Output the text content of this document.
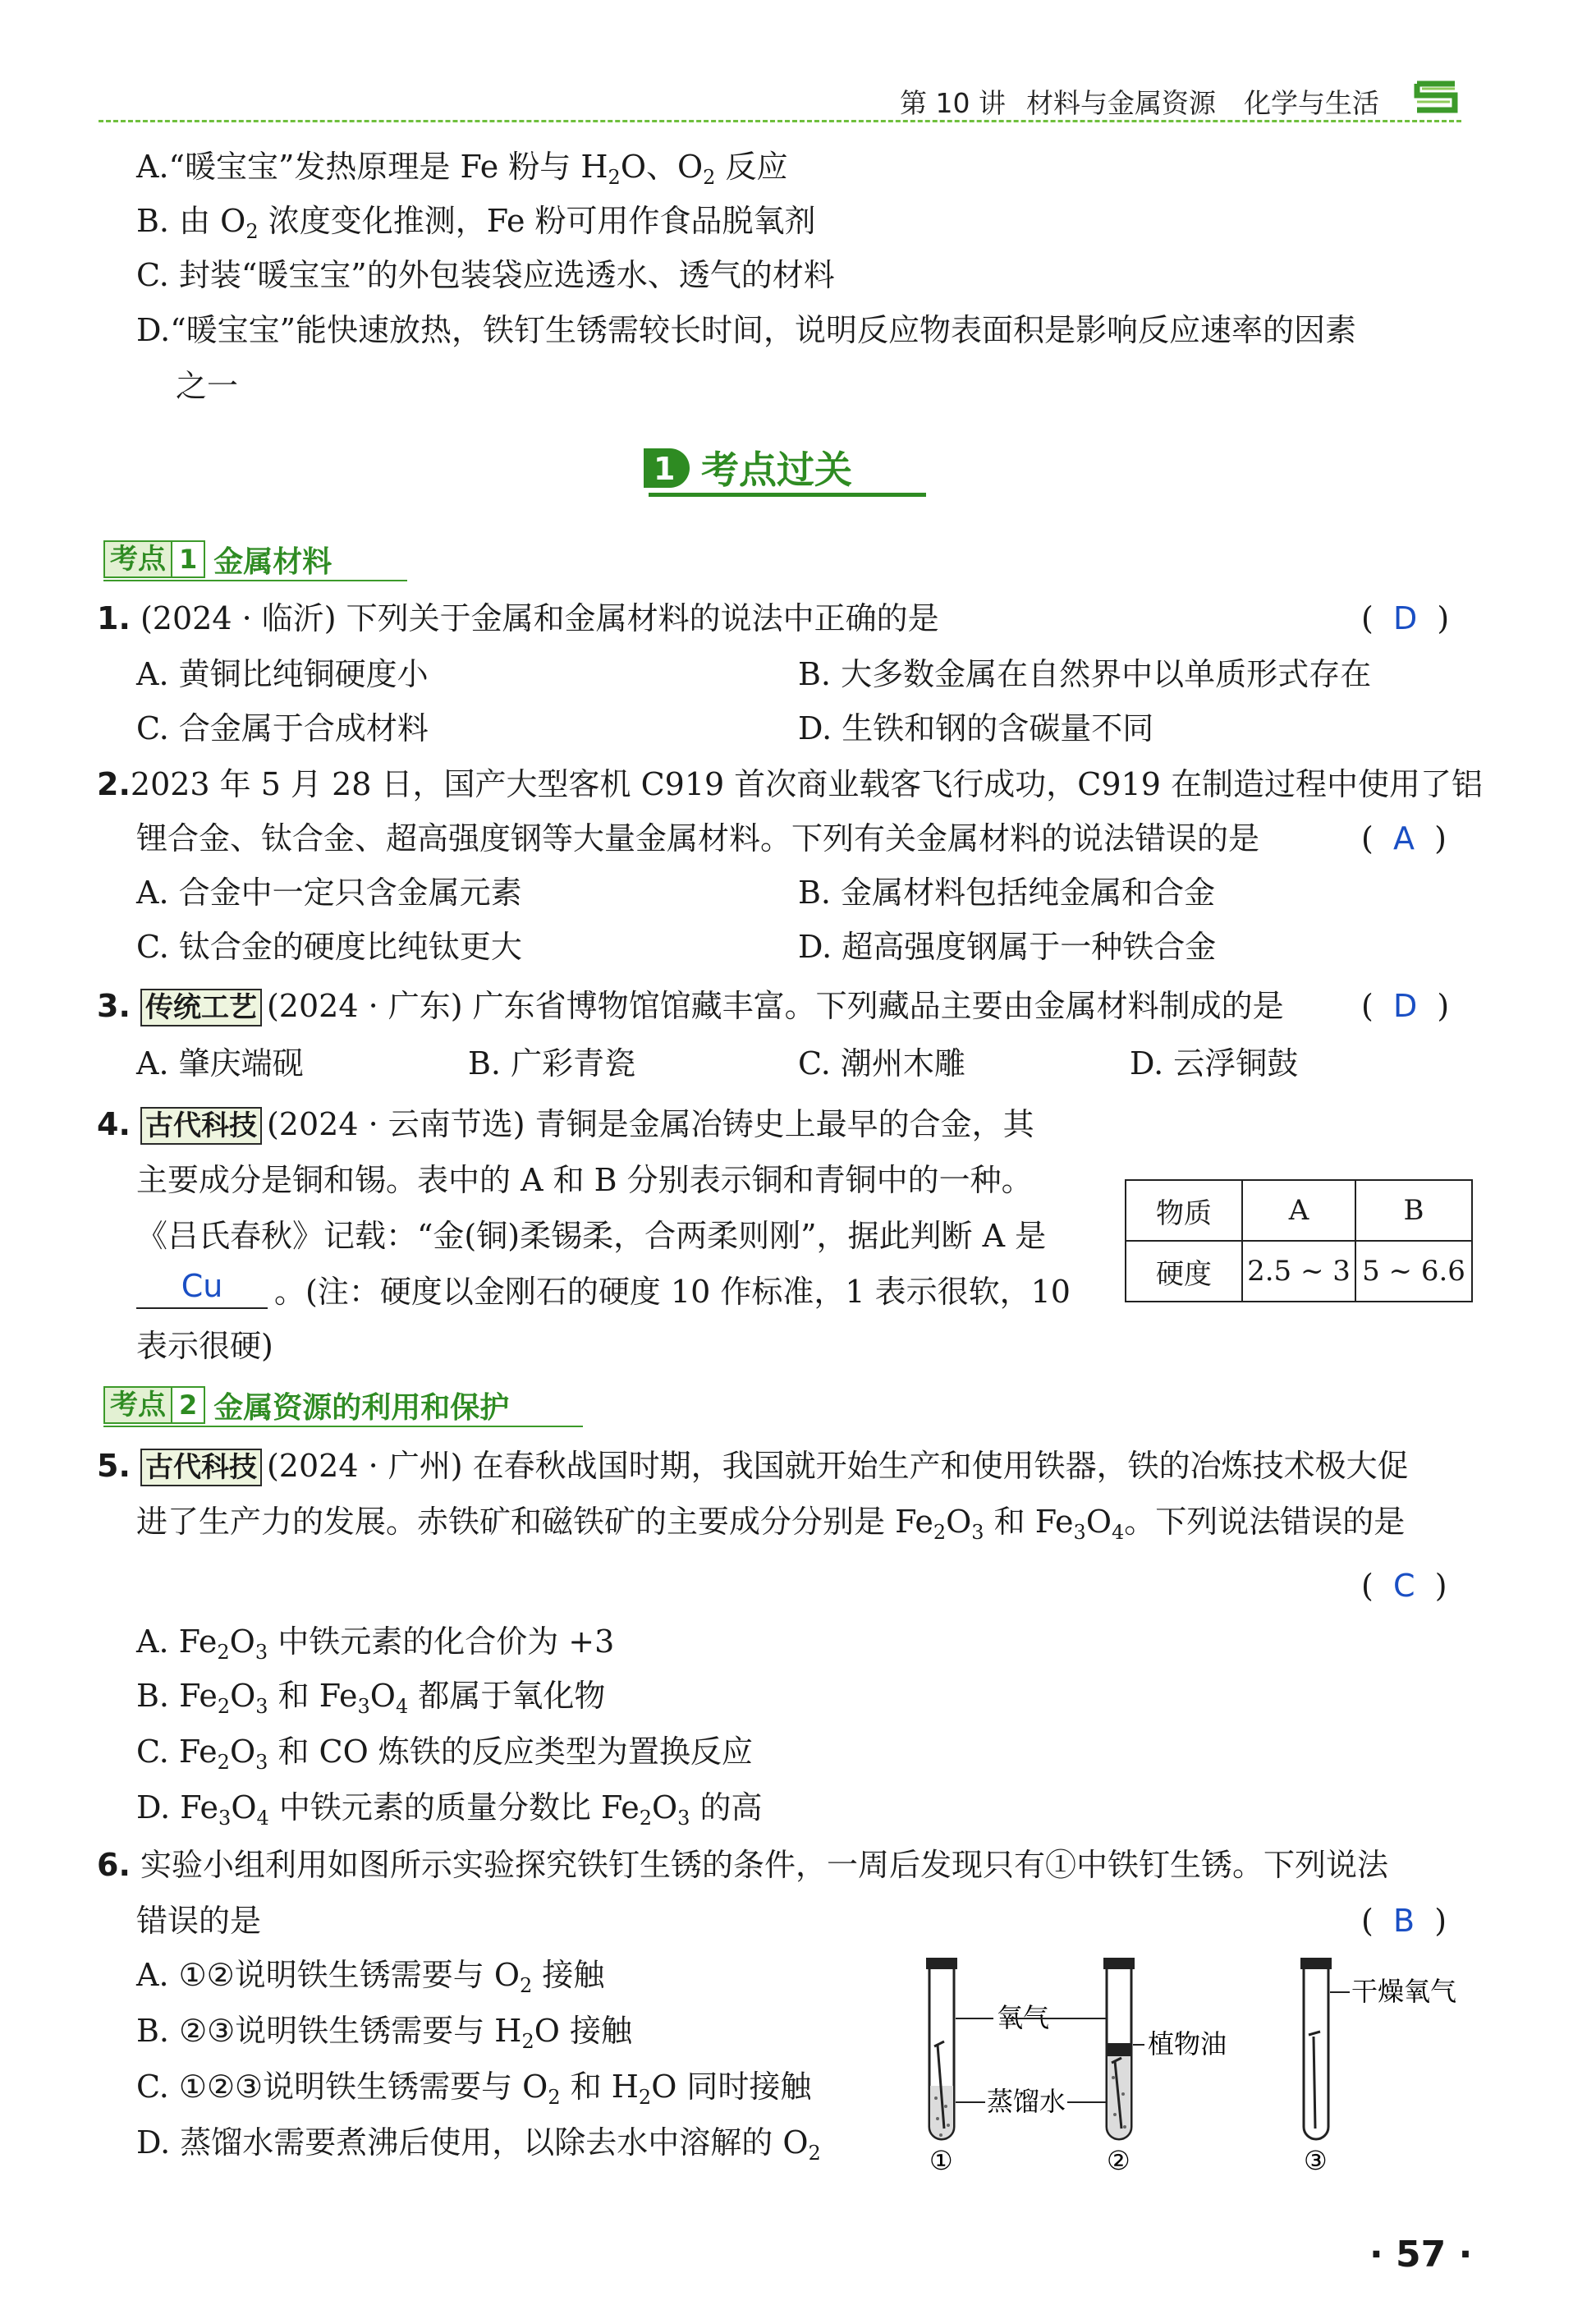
第 10 讲 材料与金属资源 化学与生活
A.“暖宝宝”发热原理是 Fe 粉与 $H_2O$、$O_2$ 反应
B. 由 $O_2$ 浓度变化推测，Fe 粉可用作食品脱氧剂
C. 封装“暖宝宝”的外包装袋应选透水、透气的材料
D.“暖宝宝”能快速放热，铁钉生锈需较长时间，说明反应物表面积是影响反应速率的因素
之一
1 考点过关
考点 1 金属材料
1. (2024 · 临沂) 下列关于金属和金属材料的说法中正确的是	(  D  )
A. 黄铜比纯铜硬度小	B. 大多数金属在自然界中以单质形式存在
C. 合金属于合成材料	D. 生铁和钢的含碳量不同
2.2023 年 5 月 28 日，国产大型客机 C919 首次商业载客飞行成功，C919 在制造过程中使用了铝
锂合金、钛合金、超高强度钢等大量金属材料。下列有关金属材料的说法错误的是	(  A  )
A. 合金中一定只含金属元素	B. 金属材料包括纯金属和合金
C. 钛合金的硬度比纯钛更大	D. 超高强度钢属于一种铁合金
3. 传统工艺 (2024 · 广东) 广东省博物馆馆藏丰富。下列藏品主要由金属材料制成的是 (  D  )
A. 肇庆端砚	B. 广彩青瓷	C. 潮州木雕	D. 云浮铜鼓
4. 古代科技 (2024 · 云南节选) 青铜是金属冶铸史上最早的合金，其
主要成分是铜和锡。表中的 A 和 B 分别表示铜和青铜中的一种。
《吕氏春秋》记载：“金(铜)柔锡柔，合两柔则刚”，据此判断 A 是
Cu	。(注：硬度以金刚石的硬度 10 作标准，1 表示很软，10
表示很硬)
物质	A	B
硬度	2.5 ~ 3	5 ~ 6.6
考点 2 金属资源的利用和保护
5. 古代科技 (2024 · 广州) 在春秋战国时期，我国就开始生产和使用铁器，铁的冶炼技术极大促
进了生产力的发展。赤铁矿和磁铁矿的主要成分分别是 $Fe_2O_3$ 和 $Fe_3O_4$。下列说法错误的是
(  C  )
A. $Fe_2O_3$ 中铁元素的化合价为 +3
B. $Fe_2O_3$ 和 $Fe_3O_4$ 都属于氧化物
C. $Fe_2O_3$ 和 CO 炼铁的反应类型为置换反应
D. $Fe_3O_4$ 中铁元素的质量分数比 $Fe_2O_3$ 的高
6. 实验小组利用如图所示实验探究铁钉生锈的条件，一周后发现只有①中铁钉生锈。下列说法
错误的是	(  B  )
A. ①②说明铁生锈需要与 $O_2$ 接触
B. ②③说明铁生锈需要与 $H_2O$ 接触
C. ①②③说明铁生锈需要与 $O_2$ 和 $H_2O$ 同时接触
D. 蒸馏水需要煮沸后使用，以除去水中溶解的 $O_2$
氧气
蒸馏水
植物油
干燥氧气
①	②	③
· 57 ·
